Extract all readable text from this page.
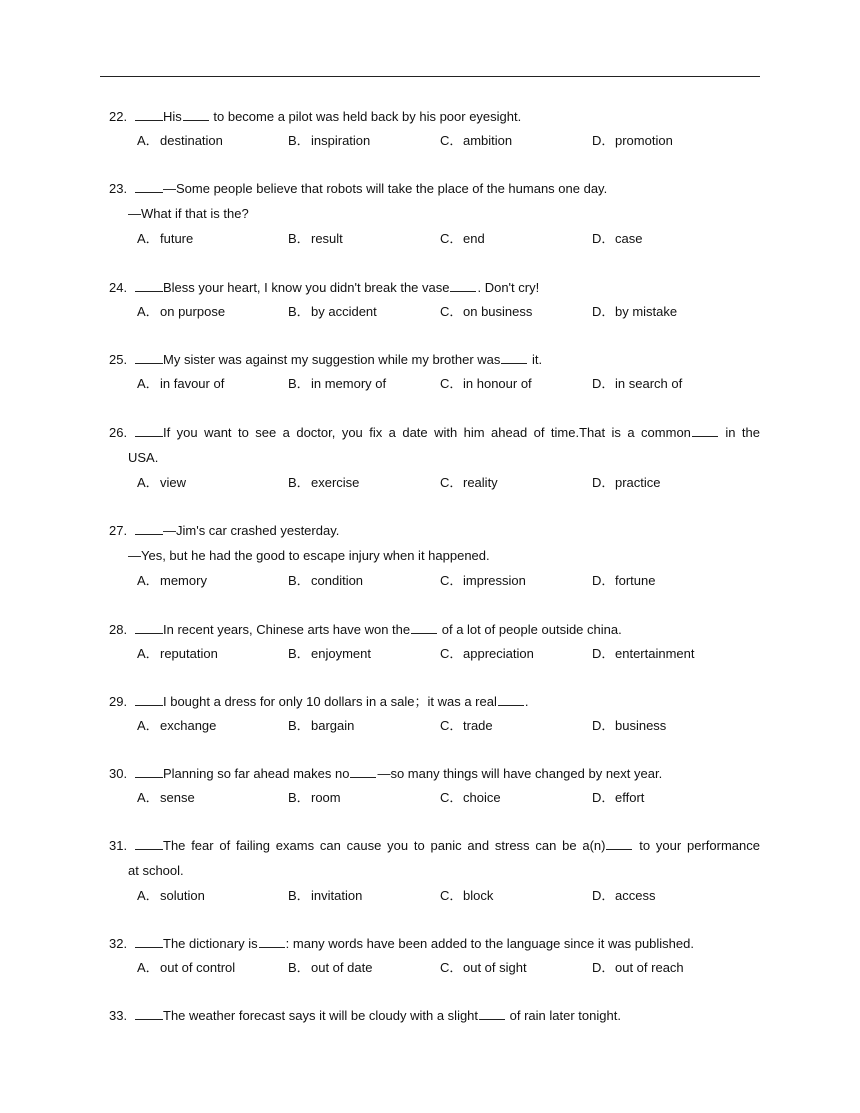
22.	His to become a pilot was held back by his poor eyesight.
A．destination	B．inspiration	C．ambition	D．promotion
23.	—Some people believe that robots will take the place of the humans one day.
—What if that is the?
A．future	B．result	C．end	D．case
24.	Bless your heart, I know you didn't break the vase . Don't cry!
A．on purpose	B．by accident	C．on business	D．by mistake
25.	My sister was against my suggestion while my brother was it.
A．in favour of	B．in memory of	C．in honour of	D．in search of
26.	If you want to see a doctor, you fix a date with him ahead of time.That is a common in the
USA.
A．view	B．exercise	C．reality	D．practice
27.	—Jim's car crashed yesterday.
—Yes, but he had the good to escape injury when it happened.
A．memory	B．condition	C．impression	D．fortune
28.	In recent years, Chinese arts have won the of a lot of people outside china.
A．reputation	B．enjoyment	C．appreciation	D．entertainment
29.	I bought a dress for only 10 dollars in a sale；it was a real .
A．exchange	B．bargain	C．trade	D．business
30.	Planning so far ahead makes no —so many things will have changed by next year.
A．sense	B．room	C．choice	D．effort
31.	The fear of failing exams can cause you to panic and stress can be a(n) to your performance
at school.
A．solution	B．invitation	C．block	D．access
32.	The dictionary is : many words have been added to the language since it was published.
A．out of control	B．out of date	C．out of sight	D．out of reach
33.	The weather forecast says it will be cloudy with a slight of rain later tonight.
